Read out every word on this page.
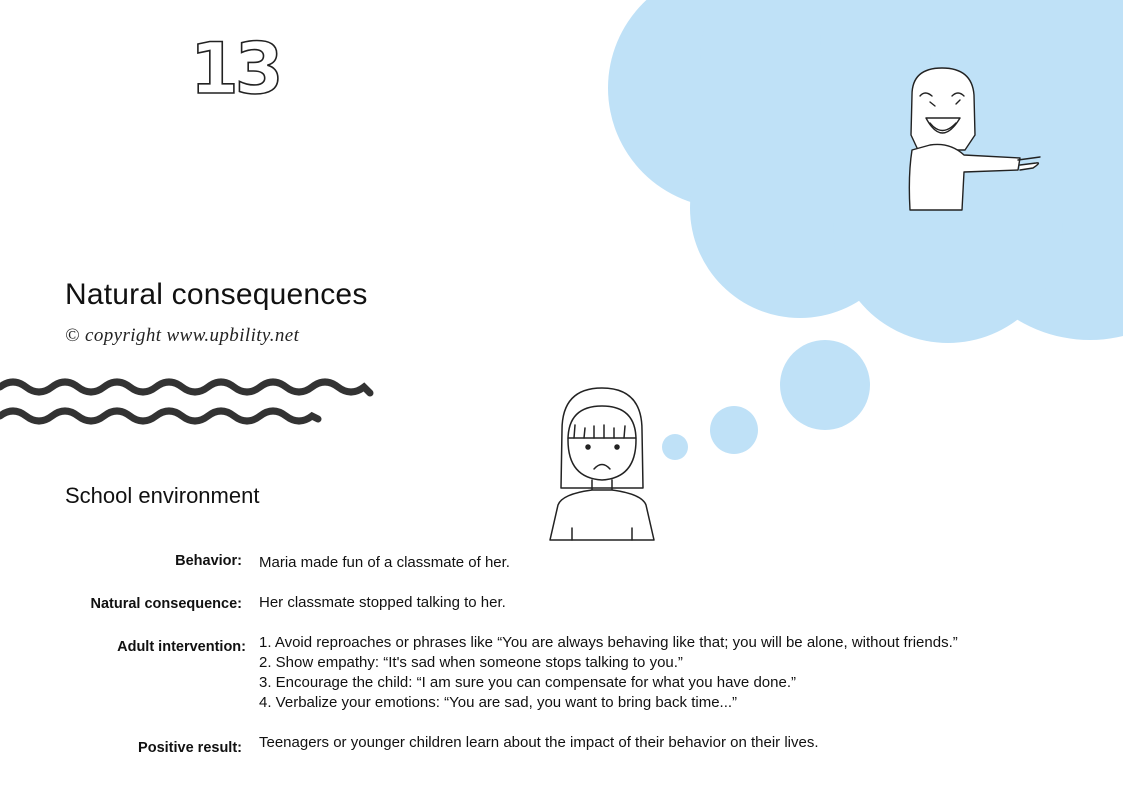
13
Natural consequences
© copyright www.upbility.net
School environment
Behavior: Maria made fun of a classmate of her.
Natural consequence: Her classmate stopped talking to her.
Adult intervention: 1. Avoid reproaches or phrases like “You are always behaving like that; you will be alone, without friends.”
2. Show empathy: “It's sad when someone stops talking to you.”
3. Encourage the child: “I am sure you can compensate for what you have done.”
4. Verbalize your emotions: “You are sad, you want to bring back time...”
Positive result: Teenagers or younger children learn about the impact of their behavior on their lives.
